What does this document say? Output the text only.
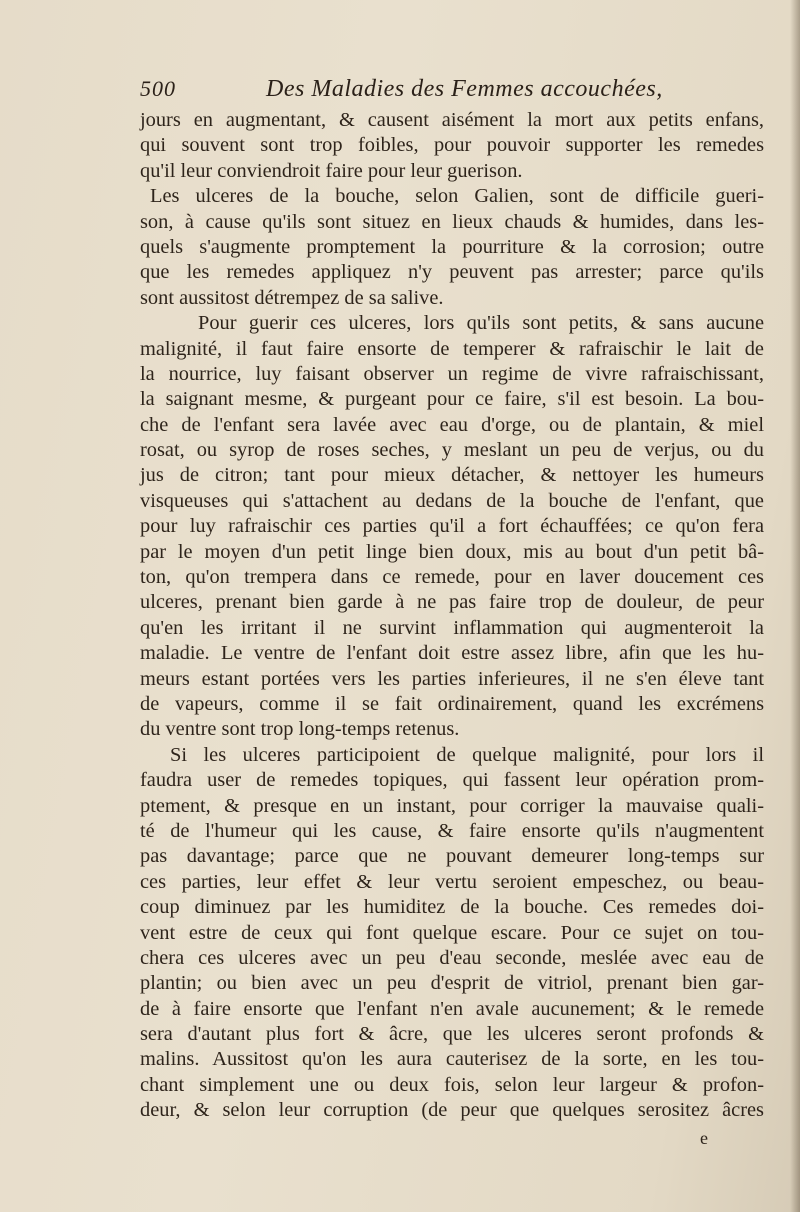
500	Des Maladies des Femmes accouchées,
jours en augmentant, & causent aisément la mort aux petits enfans,
qui souvent sont trop foibles, pour pouvoir supporter les remedes
qu'il leur conviendroit faire pour leur guerison.
Les ulceres de la bouche, selon Galien, sont de difficile gueri-
son, à cause qu'ils sont situez en lieux chauds & humides, dans les-
quels s'augmente promptement la pourriture & la corrosion; outre
que les remedes appliquez n'y peuvent pas arrester; parce qu'ils
sont aussitost détrempez de sa salive.
Pour guerir ces ulceres, lors qu'ils sont petits, & sans aucune
malignité, il faut faire ensorte de temperer & rafraischir le lait de
la nourrice, luy faisant observer un regime de vivre rafraischissant,
la saignant mesme, & purgeant pour ce faire, s'il est besoin. La bou-
che de l'enfant sera lavée avec eau d'orge, ou de plantain, & miel
rosat, ou syrop de roses seches, y meslant un peu de verjus, ou du
jus de citron; tant pour mieux détacher, & nettoyer les humeurs
visqueuses qui s'attachent au dedans de la bouche de l'enfant, que
pour luy rafraischir ces parties qu'il a fort échauffées; ce qu'on fera
par le moyen d'un petit linge bien doux, mis au bout d'un petit bâ-
ton, qu'on trempera dans ce remede, pour en laver doucement ces
ulceres, prenant bien garde à ne pas faire trop de douleur, de peur
qu'en les irritant il ne survint inflammation qui augmenteroit la
maladie. Le ventre de l'enfant doit estre assez libre, afin que les hu-
meurs estant portées vers les parties inferieures, il ne s'en éleve tant
de vapeurs, comme il se fait ordinairement, quand les excrémens
du ventre sont trop long-temps retenus.
Si les ulceres participoient de quelque malignité, pour lors il
faudra user de remedes topiques, qui fassent leur opération prom-
ptement, & presque en un instant, pour corriger la mauvaise quali-
té de l'humeur qui les cause, & faire ensorte qu'ils n'augmentent
pas davantage; parce que ne pouvant demeurer long-temps sur
ces parties, leur effet & leur vertu seroient empeschez, ou beau-
coup diminuez par les humiditez de la bouche. Ces remedes doi-
vent estre de ceux qui font quelque escare. Pour ce sujet on tou-
chera ces ulceres avec un peu d'eau seconde, meslée avec eau de
plantin; ou bien avec un peu d'esprit de vitriol, prenant bien gar-
de à faire ensorte que l'enfant n'en avale aucunement; & le remede
sera d'autant plus fort & âcre, que les ulceres seront profonds &
malins. Aussitost qu'on les aura cauterisez de la sorte, en les tou-
chant simplement une ou deux fois, selon leur largeur & profon-
deur, & selon leur corruption (de peur que quelques serositez âcres
e
